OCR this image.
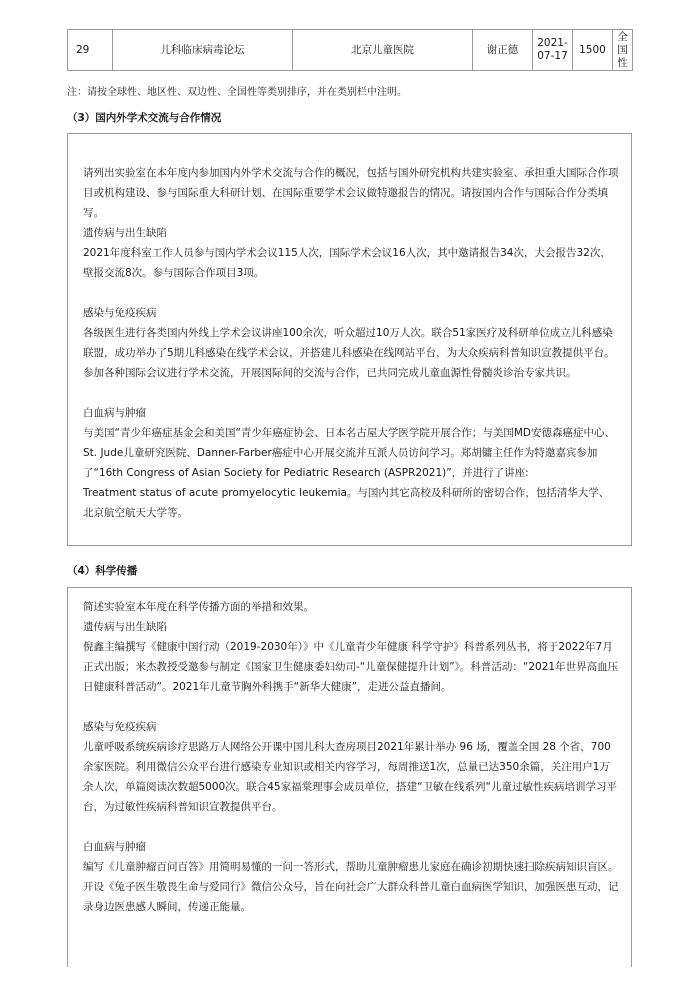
29	儿科临床病毒论坛	北京儿童医院	谢正德	2021-07-17	1500	全国性
注：请按全球性、地区性、双边性、全国性等类别排序，并在类别栏中注明。
（3）国内外学术交流与合作情况

请列出实验室在本年度内参加国内外学术交流与合作的概况，包括与国外研究机构共建实验室、承担重大国际合作项目或机构建设、参与国际重大科研计划、在国际重要学术会议做特邀报告的情况。请按国内合作与国际合作分类填写。

遗传病与出生缺陷

2021年度科室工作人员参与国内学术会议115人次，国际学术会议16人次，其中邀请报告34次，大会报告32次，壁报交流8次。参与国际合作项目3项。

感染与免疫疾病

各级医生进行各类国内外线上学术会议讲座100余次，听众超过10万人次。联合51家医疗及科研单位成立儿科感染联盟，成功举办了5期儿科感染在线学术会议，并搭建儿科感染在线网站平台，为大众疾病科普知识宣教提供平台。参加各种国际会议进行学术交流，开展国际间的交流与合作，已共同完成儿童血源性骨髓炎诊治专家共识。

白血病与肿瘤

与美国“青少年癌症基金会和美国“青少年癌症协会、日本名古屋大学医学院开展合作；与美国MD安德森癌症中心、

St. Jude儿童研究医院、Danner-Farber癌症中心开展交流并互派人员访问学习。郑胡镛主任作为特邀嘉宾参加

了“16th Congress of Asian Society for Pediatric Research (ASPR2021)”，并进行了讲座:

Treatment status of acute promyelocytic leukemia。与国内其它高校及科研所的密切合作，包括清华大学、北京航空航天大学等。

（4）科学传播

简述实验室本年度在科学传播方面的举措和效果。

遗传病与出生缺陷

倪鑫主编撰写《健康中国行动（2019-2030年）》中《儿童青少年健康 科学守护》科普系列丛书，将于2022年7月正式出版；米杰教授受邀参与制定《国家卫生健康委妇幼司-“儿童保健提升计划”》。科普活动：“2021年世界高血压日健康科普活动”。2021年儿童节胸外科携手“新华大健康”，走进公益直播间。

感染与免疫疾病

儿童呼吸系统疾病诊疗思路万人网络公开课中国儿科大查房项目2021年累计举办 96 场，覆盖全国 28 个省，700 余家医院。利用微信公众平台进行感染专业知识或相关内容学习，每周推送1次，总量已达350余篇，关注用户1万余人次，单篇阅读次数超5000次。联合45家福棠理事会成员单位，搭建“卫敏在线系列“儿童过敏性疾病培训学习平台，为过敏性疾病科普知识宣教提供平台。

白血病与肿瘤

编写《儿童肿瘤百问百答》用简明易懂的一问一答形式，帮助儿童肿瘤患儿家庭在确诊初期快速扫除疾病知识盲区。开设《兔子医生敬畏生命与爱同行》微信公众号，旨在向社会广大群众科普儿童白血病医学知识，加强医患互动，记录身边医患感人瞬间，传递正能量。
